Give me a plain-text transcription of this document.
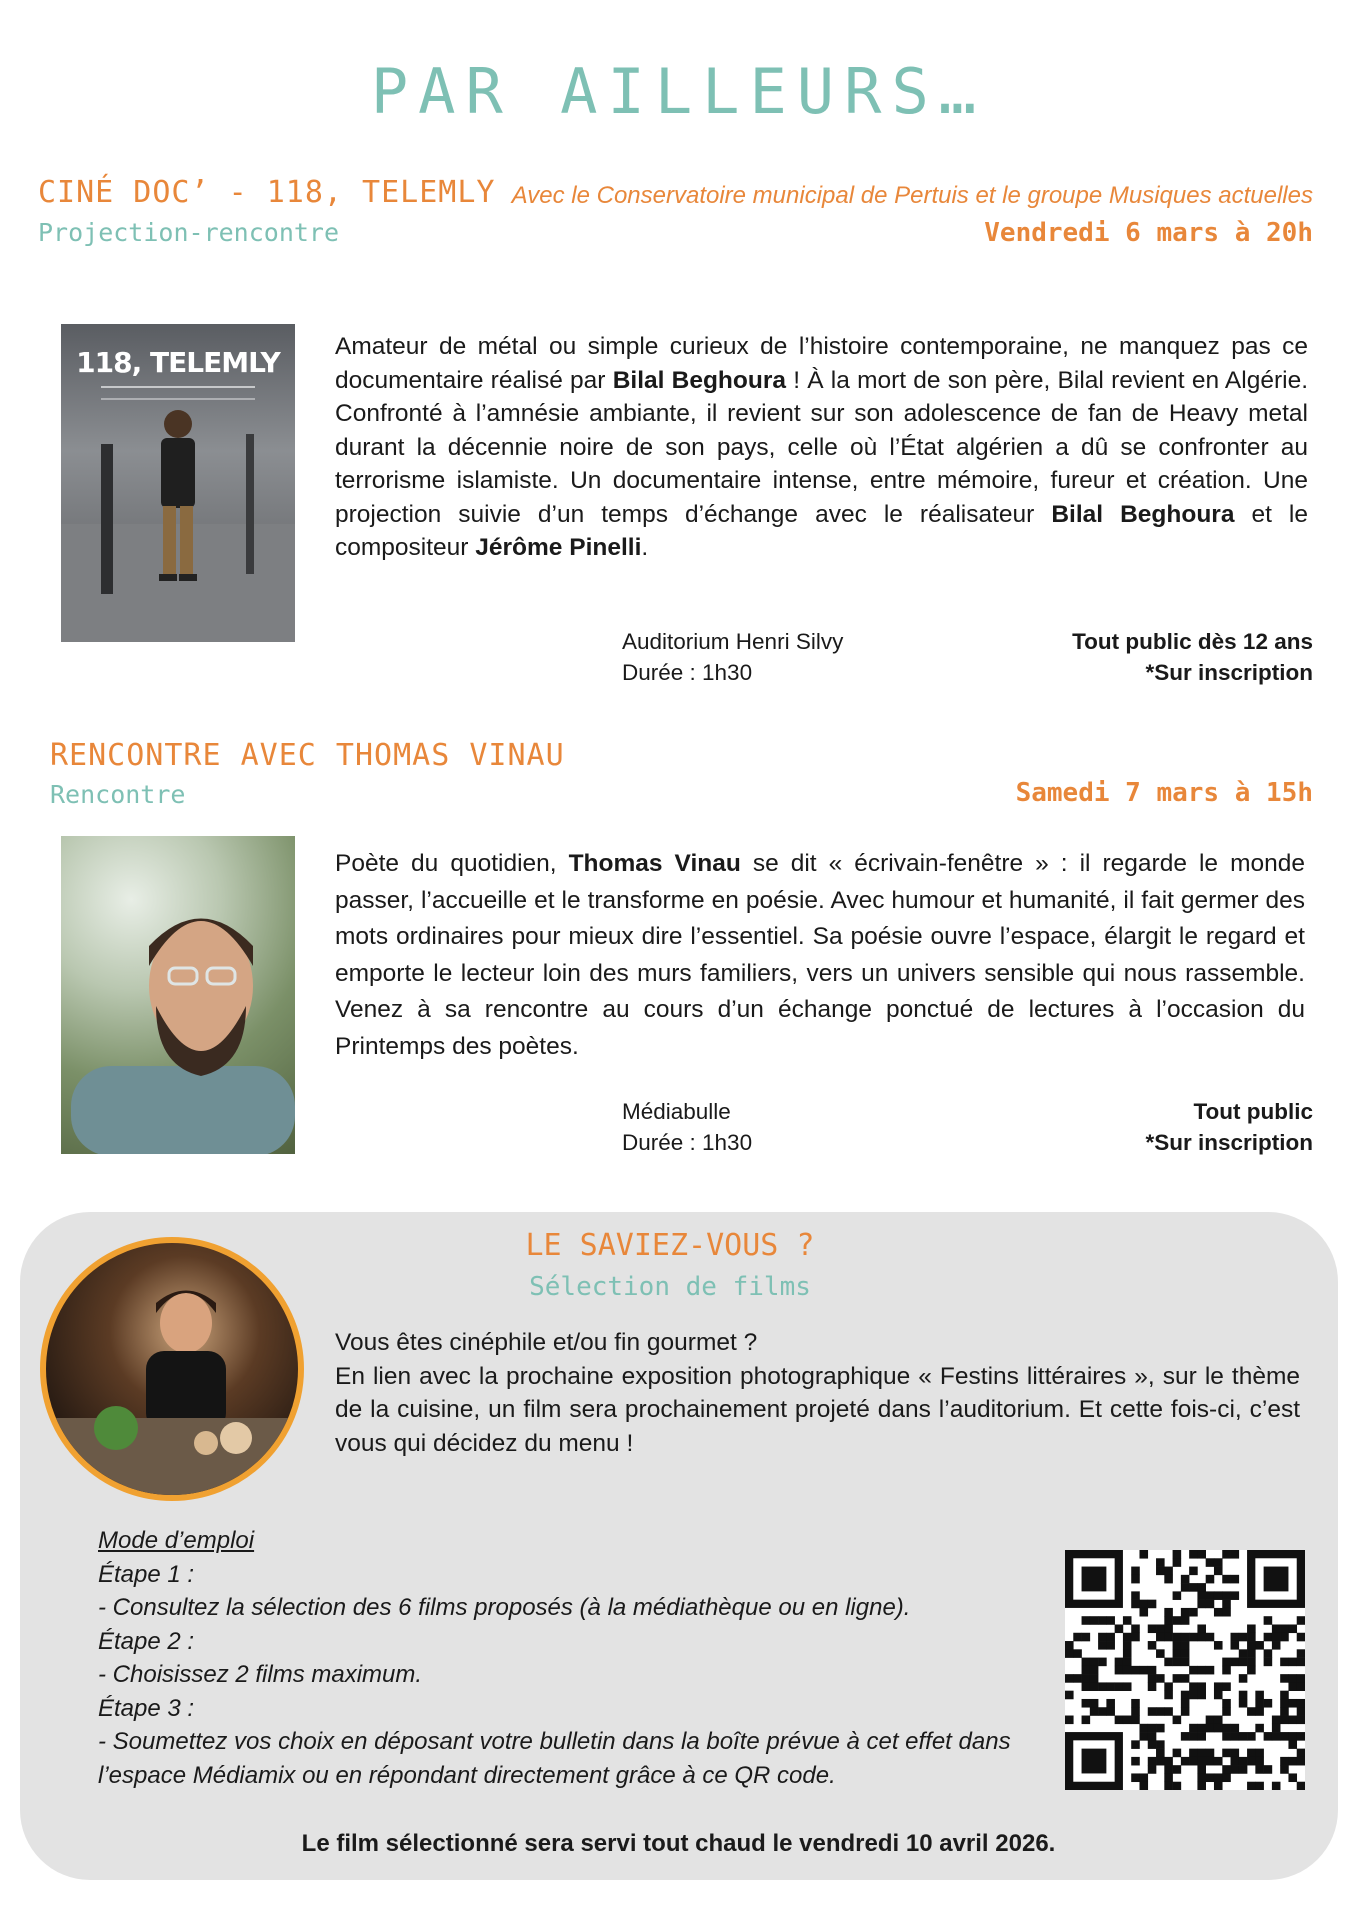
PAR AILLEURS…
CINÉ DOC’ - 118, TELEMLY
Projection-rencontre
Avec le Conservatoire municipal de Pertuis et le groupe Musiques actuelles
Vendredi 6 mars à 20h
118, TELEMLY	Amateur de métal ou simple curieux de l’histoire contemporaine, ne manquez pas ce documentaire réalisé par Bilal Beghoura ! À la mort de son père, Bilal revient en Algérie. Confronté à l’amnésie ambiante, il revient sur son adolescence de fan de Heavy metal durant la décennie noire de son pays, celle où l’État algérien a dû se confronter au terrorisme islamiste. Un documentaire intense, entre mémoire, fureur et création. Une projection suivie d’un temps d’échange avec le réalisateur Bilal Beghoura et le compositeur Jérôme Pinelli.
Auditorium Henri Silvy
Durée : 1h30
Tout public dès 12 ans
*Sur inscription
RENCONTRE AVEC THOMAS VINAU
Rencontre	Samedi 7 mars à 15h
Poète du quotidien, Thomas Vinau se dit « écrivain-fenêtre » : il regarde le monde passer, l’accueille et le transforme en poésie. Avec humour et humanité, il fait germer des mots ordinaires pour mieux dire l’essentiel. Sa poésie ouvre l’espace, élargit le regard et emporte le lecteur loin des murs familiers, vers un univers sensible qui nous rassemble. Venez à sa rencontre au cours d’un échange ponctué de lectures à l’occasion du Printemps des poètes.
Médiabulle
Durée : 1h30
Tout public
*Sur inscription
LE SAVIEZ-VOUS ?
Sélection de films
Vous êtes cinéphile et/ou fin gourmet ?
En lien avec la prochaine exposition photographique « Festins littéraires », sur le thème de la cuisine, un film sera prochainement projeté dans l’auditorium. Et cette fois-ci, c’est vous qui décidez du menu !
Mode d’emploi
Étape 1 :
- Consultez la sélection des 6 films proposés (à la médiathèque ou en ligne).
Étape 2 :
- Choisissez 2 films maximum.
Étape 3 :
- Soumettez vos choix en déposant votre bulletin dans la boîte prévue à cet effet dans l’espace Médiamix ou en répondant directement grâce à ce QR code.
Le film sélectionné sera servi tout chaud le vendredi 10 avril 2026.
